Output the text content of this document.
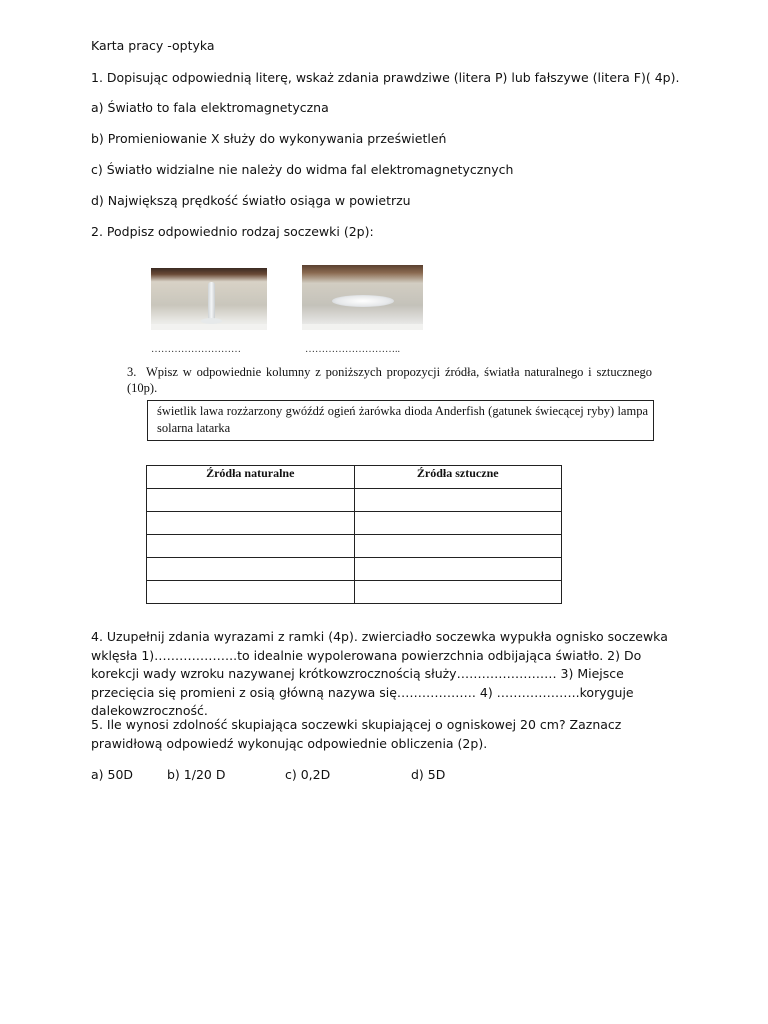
Karta pracy -optyka
1. Dopisując odpowiednią literę, wskaż zdania prawdziwe (litera P) lub fałszywe (litera F)( 4p).
a) Światło to fala elektromagnetyczna
b) Promieniowanie X służy do wykonywania prześwietleń
c) Światło widzialne nie należy do widma fal elektromagnetycznych
d) Największą prędkość światło osiąga w powietrzu
2. Podpisz odpowiednio rodzaj soczewki (2p):
………………………	………………………..
3. Wpisz w odpowiednie kolumny z poniższych propozycji źródła, światła naturalnego i sztucznego (10p).
świetlik lawa rozżarzony gwóźdź ogień żarówka dioda Anderfish (gatunek świecącej ryby) lampa solarna latarka
Źródła naturalne	Źródła sztuczne

4. Uzupełnij zdania wyrazami z ramki (4p). zwierciadło soczewka wypukła ognisko soczewka wklęsła 1)………………..to idealnie wypolerowana powierzchnia odbijająca światło. 2) Do korekcji wady wzroku nazywanej krótkowzrocznością służy…………………… 3) Miejsce przecięcia się promieni z osią główną nazywa się………………. 4) ………………..koryguje dalekowzroczność.
5. Ile wynosi zdolność skupiająca soczewki skupiającej o ogniskowej 20 cm? Zaznacz prawidłową odpowiedź wykonując odpowiednie obliczenia (2p).
a) 50D	b) 1/20 D	c) 0,2D	d) 5D
